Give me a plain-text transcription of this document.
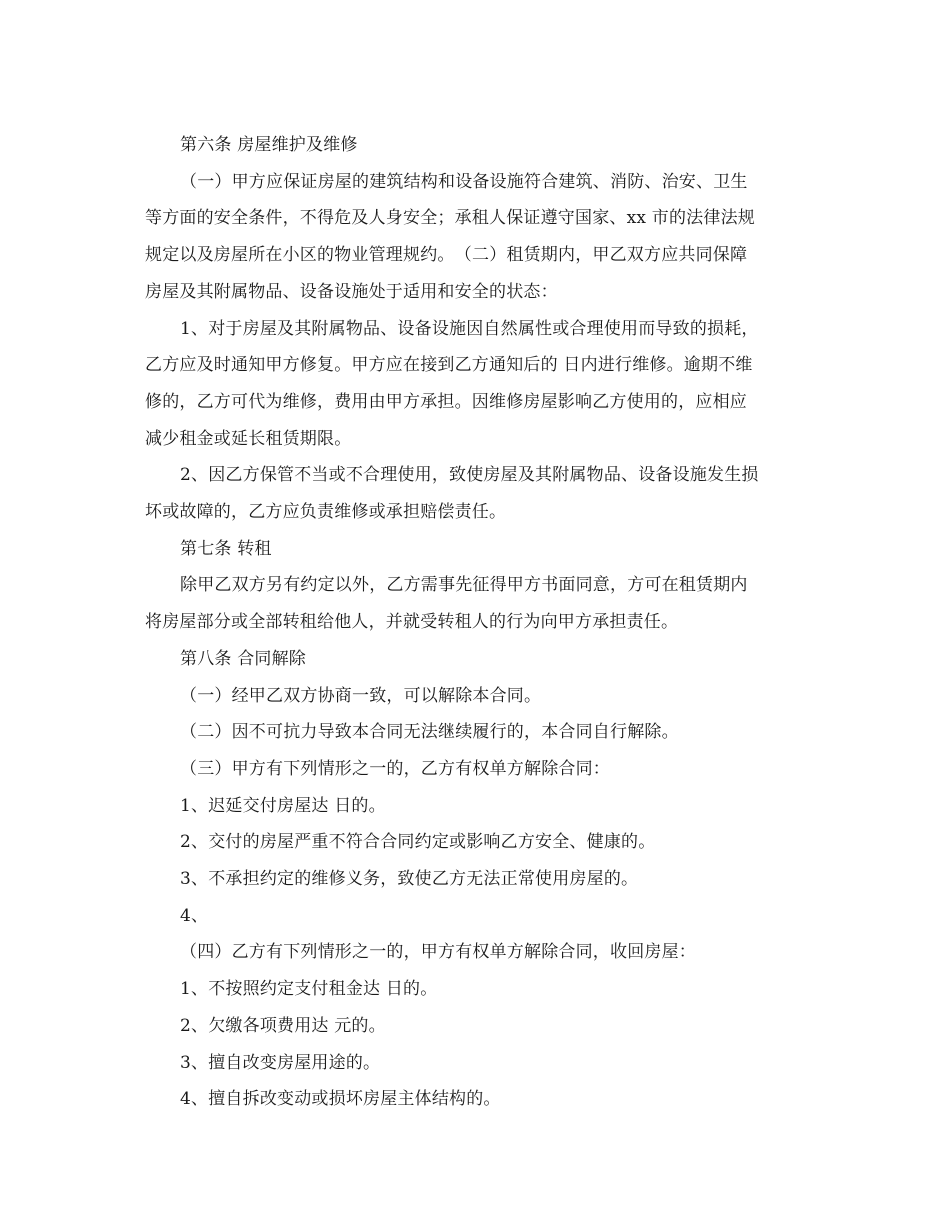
第六条 房屋维护及维修
（一）甲方应保证房屋的建筑结构和设备设施符合建筑、消防、治安、卫生
等方面的安全条件，不得危及人身安全；承租人保证遵守国家、xx 市的法律法规
规定以及房屋所在小区的物业管理规约。　（二）租赁期内，甲乙双方应共同保障
房屋及其附属物品、设备设施处于适用和安全的状态：
1、对于房屋及其附属物品、设备设施因自然属性或合理使用而导致的损耗，
乙方应及时通知甲方修复。甲方应在接到乙方通知后的 日内进行维修。逾期不维
修的，乙方可代为维修，费用由甲方承担。因维修房屋影响乙方使用的，应相应
减少租金或延长租赁期限。
2、因乙方保管不当或不合理使用，致使房屋及其附属物品、设备设施发生损
坏或故障的，乙方应负责维修或承担赔偿责任。
第七条 转租
除甲乙双方另有约定以外，乙方需事先征得甲方书面同意，方可在租赁期内
将房屋部分或全部转租给他人，并就受转租人的行为向甲方承担责任。
第八条 合同解除
（一）经甲乙双方协商一致，可以解除本合同。
（二）因不可抗力导致本合同无法继续履行的，本合同自行解除。
（三）甲方有下列情形之一的，乙方有权单方解除合同：
1、迟延交付房屋达 日的。
2、交付的房屋严重不符合合同约定或影响乙方安全、健康的。
3、不承担约定的维修义务，致使乙方无法正常使用房屋的。
4、
（四）乙方有下列情形之一的，甲方有权单方解除合同，收回房屋：
1、不按照约定支付租金达 日的。
2、欠缴各项费用达 元的。
3、擅自改变房屋用途的。
4、擅自拆改变动或损坏房屋主体结构的。
